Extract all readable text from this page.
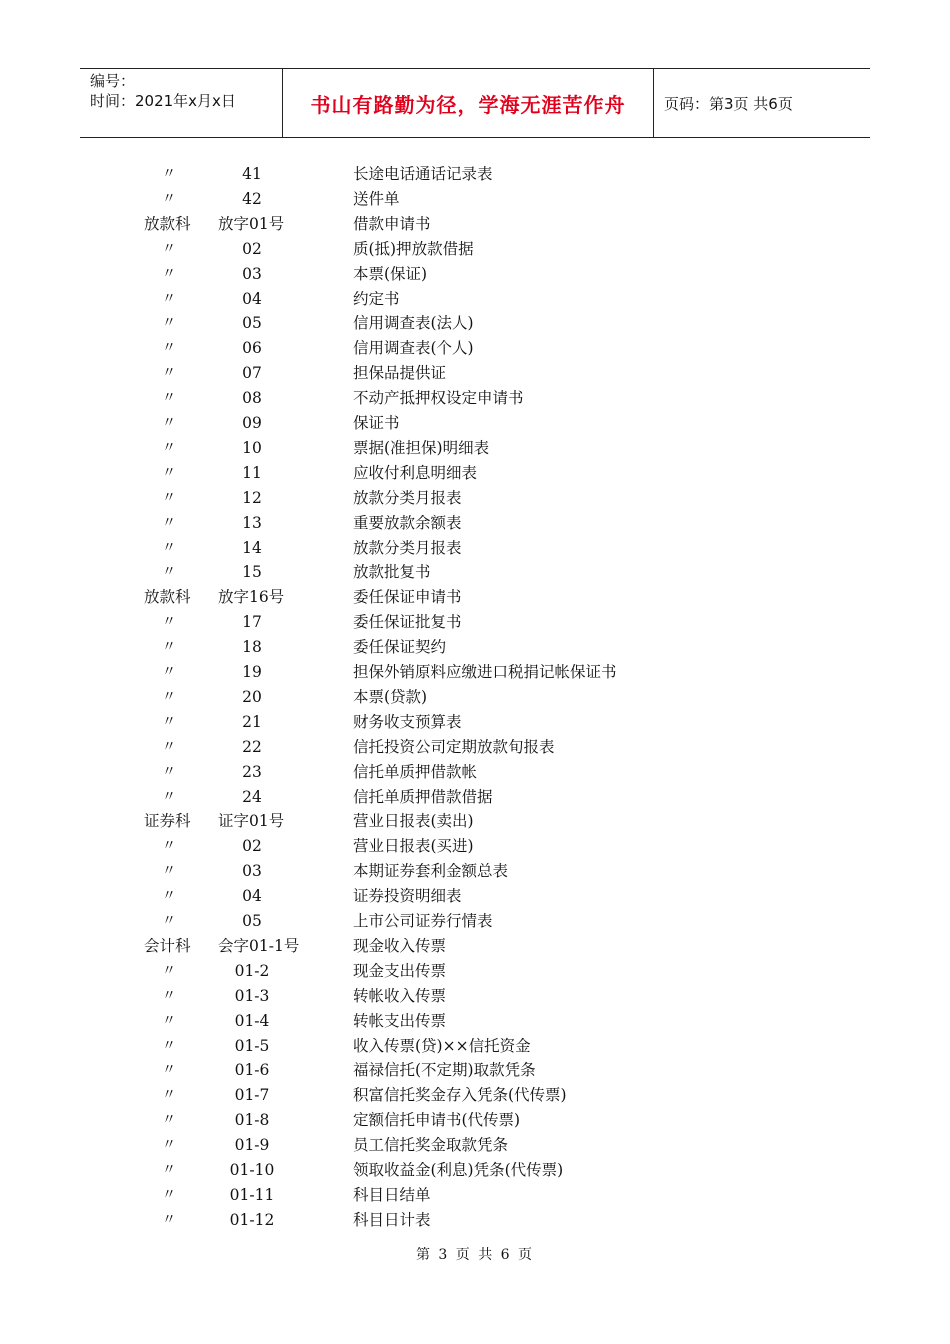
编号：
时间：2021年x月x日	书山有路勤为径，学海无涯苦作舟	页码：第3页 共6页
〃	41	长途电话通话记录表
〃	42	送件单
放款科	放字01号	借款申请书
〃	02	质(抵)押放款借据
〃	03	本票(保证)
〃	04	约定书
〃	05	信用调查表(法人)
〃	06	信用调查表(个人)
〃	07	担保品提供证
〃	08	不动产抵押权设定申请书
〃	09	保证书
〃	10	票据(准担保)明细表
〃	11	应收付利息明细表
〃	12	放款分类月报表
〃	13	重要放款余额表
〃	14	放款分类月报表
〃	15	放款批复书
放款科	放字16号	委任保证申请书
〃	17	委任保证批复书
〃	18	委任保证契约
〃	19	担保外销原料应缴进口税捐记帐保证书
〃	20	本票(贷款)
〃	21	财务收支预算表
〃	22	信托投资公司定期放款旬报表
〃	23	信托单质押借款帐
〃	24	信托单质押借款借据
证券科	证字01号	营业日报表(卖出)
〃	02	营业日报表(买进)
〃	03	本期证券套利金额总表
〃	04	证券投资明细表
〃	05	上市公司证券行情表
会计科	会字01-1号	现金收入传票
〃	01-2	现金支出传票
〃	01-3	转帐收入传票
〃	01-4	转帐支出传票
〃	01-5	收入传票(贷)××信托资金
〃	01-6	福禄信托(不定期)取款凭条
〃	01-7	积富信托奖金存入凭条(代传票)
〃	01-8	定额信托申请书(代传票)
〃	01-9	员工信托奖金取款凭条
〃	01-10	领取收益金(利息)凭条(代传票)
〃	01-11	科目日结单
〃	01-12	科目日计表
第 3 页 共 6 页
